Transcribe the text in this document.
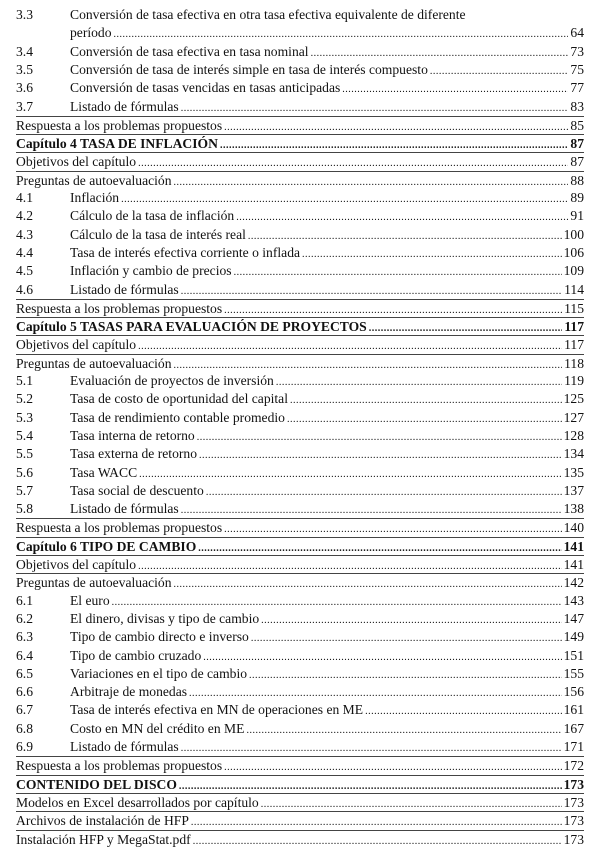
3.3	Conversión de tasa efectiva en otra tasa efectiva equivalente de diferente
período .....	64
3.4	Conversión de tasa efectiva en tasa nominal .....	73
3.5	Conversión de tasa de interés simple en tasa de interés compuesto .....	75
3.6	Conversión de tasas vencidas en tasas anticipadas .....	77
3.7	Listado de fórmulas .....	83
Respuesta a los problemas propuestos .....	85
Capítulo 4 TASA DE INFLACIÓN .....	87
Objetivos del capítulo .....	87
Preguntas de autoevaluación .....	88
4.1	Inflación .....	89
4.2	Cálculo de la tasa de inflación .....	91
4.3	Cálculo de la tasa de interés real .....	100
4.4	Tasa de interés efectiva corriente o inflada .....	106
4.5	Inflación y cambio de precios .....	109
4.6	Listado de fórmulas .....	114
Respuesta a los problemas propuestos .....	115
Capítulo 5 TASAS PARA EVALUACIÓN DE PROYECTOS .....	117
Objetivos del capítulo .....	117
Preguntas de autoevaluación .....	118
5.1	Evaluación de proyectos de inversión .....	119
5.2	Tasa de costo de oportunidad del capital .....	125
5.3	Tasa de rendimiento contable promedio .....	127
5.4	Tasa interna de retorno .....	128
5.5	Tasa externa de retorno .....	134
5.6	Tasa WACC .....	135
5.7	Tasa social de descuento .....	137
5.8	Listado de fórmulas .....	138
Respuesta a los problemas propuestos .....	140
Capítulo 6 TIPO DE CAMBIO .....	141
Objetivos del capítulo .....	141
Preguntas de autoevaluación .....	142
6.1	El euro .....	143
6.2	El dinero, divisas y tipo de cambio .....	147
6.3	Tipo de cambio directo e inverso .....	149
6.4	Tipo de cambio cruzado .....	151
6.5	Variaciones en el tipo de cambio .....	155
6.6	Arbitraje de monedas .....	156
6.7	Tasa de interés efectiva en MN de operaciones en ME .....	161
6.8	Costo en MN del crédito en ME .....	167
6.9	Listado de fórmulas .....	171
Respuesta a los problemas propuestos .....	172
CONTENIDO DEL DISCO .....	173
Modelos en Excel desarrollados por capítulo .....	173
Archivos de instalación de HFP .....	173
Instalación HFP y MegaStat.pdf .....	173
